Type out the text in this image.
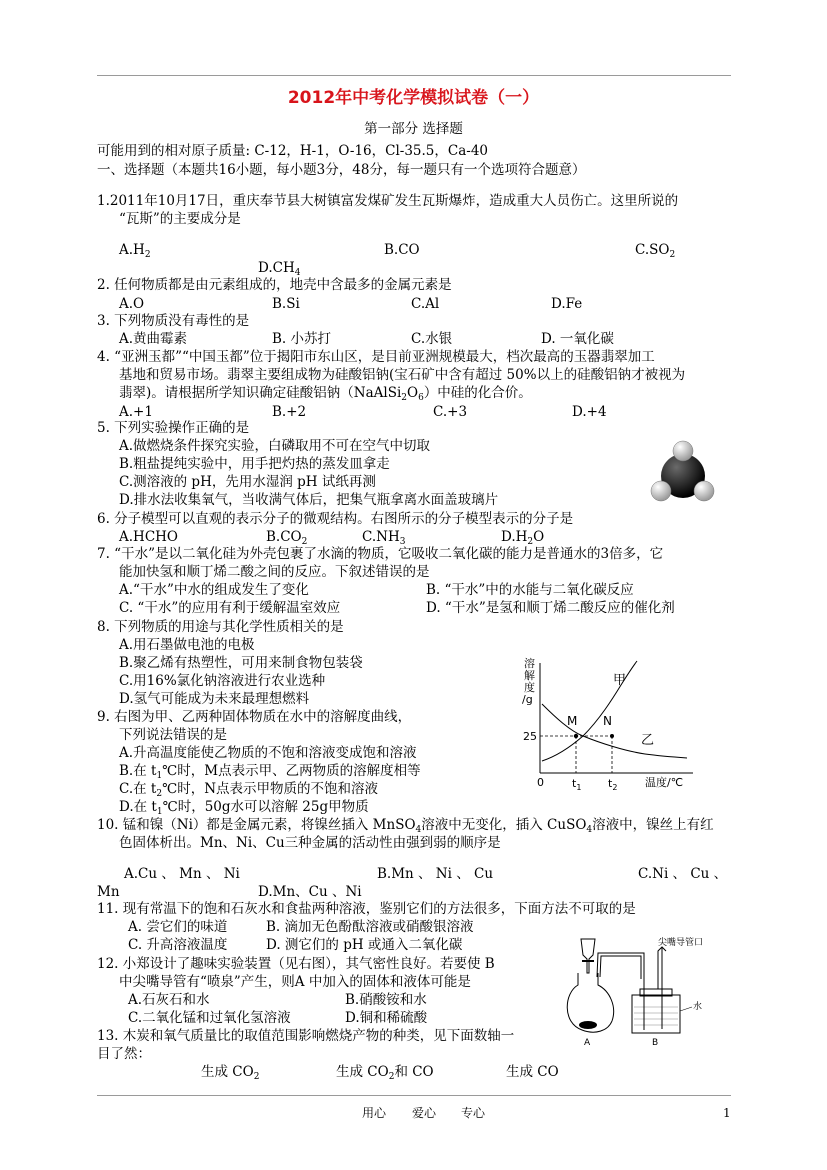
2012年中考化学模拟试卷（一）
第一部分 选择题
可能用到的相对原子质量: C-12，H-1，O-16，Cl-35.5，Ca-40
一、选择题（本题共16小题，每小题3分，48分，每一题只有一个选项符合题意）
1.2011年10月17日，重庆奉节县大树镇富发煤矿发生瓦斯爆炸，造成重大人员伤亡。这里所说的
“瓦斯”的主要成分是
$A.H_2$	B.CO	$C.SO_2$
$D.CH_4$
2. 任何物质都是由元素组成的，地壳中含最多的金属元素是
A.O	B.Si	C.Al	D.Fe
3. 下列物质没有毒性的是
A.黄曲霉素	B. 小苏打	C.水银	D. 一氧化碳
4. “亚洲玉都”“中国玉都”位于揭阳市东山区，是目前亚洲规模最大，档次最高的玉器翡翠加工
基地和贸易市场。翡翠主要组成物为硅酸铝钠(宝石矿中含有超过 50%以上的硅酸铝钠才被视为
翡翠)。请根据所学知识确定硅酸铝钠$(NaAlSi_2O_6)$中硅的化合价。
A.+1	B.+2	C.+3	D.+4
5. 下列实验操作正确的是
A.做燃烧条件探究实验，白磷取用不可在空气中切取
B.粗盐提纯实验中，用手把灼热的蒸发皿拿走
C.测溶液的 pH，先用水湿润 pH 试纸再测
D.排水法收集氧气，当收满气体后，把集气瓶拿离水面盖玻璃片
6. 分子模型可以直观的表示分子的微观结构。右图所示的分子模型表示的分子是
A.HCHO	$B.CO_2$	$C.NH_3$	$D.H_2O$
7. “干水”是以二氧化硅为外壳包裹了水滴的物质，它吸收二氧化碳的能力是普通水的3倍多，它
能加快氢和顺丁烯二酸之间的反应。下叙述错误的是
A.“干水”中水的组成发生了变化	B. “干水”中的水能与二氧化碳反应
C. “干水”的应用有利于缓解温室效应	D. “干水”是氢和顺丁烯二酸反应的催化剂
8. 下列物质的用途与其化学性质相关的是
A.用石墨做电池的电极
B.聚乙烯有热塑性，可用来制食物包装袋
C.用16%氯化钠溶液进行农业选种
D.氢气可能成为未来最理想燃料
9. 右图为甲、乙两种固体物质在水中的溶解度曲线，
下列说法错误的是
A.升高温度能使乙物质的不饱和溶液变成饱和溶液
B.在 $t_1℃$时，M点表示甲、乙两物质的溶解度相等
C.在 $t_2℃$时，N点表示甲物质的不饱和溶液
D.在 $t_1℃$时，50g水可以溶解 25g甲物质
溶
解
度
/g
甲
乙
M N
25
0	$t_1$ $t_2$	温度/℃
10. 锰和镍（Ni）都是金属元素，将镍丝插入 MnSO$_4$溶液中无变化，插入 CuSO$_4$溶液中，镍丝上有红
色固体析出。Mn、Ni、Cu三种金属的活动性由强到弱的顺序是
A.Cu 、 Mn 、 Ni	B.Mn 、 Ni 、 Cu	C.Ni 、 Cu 、
Mn	D.Mn、Cu 、Ni
11. 现有常温下的饱和石灰水和食盐两种溶液，鉴别它们的方法很多，下面方法不可取的是
A. 尝它们的味道	B. 滴加无色酚酞溶液或硝酸银溶液
C. 升高溶液温度	D. 测它们的 pH 或通入二氧化碳
12. 小郑设计了趣味实验装置（见右图），其气密性良好。若要使 B
中尖嘴导管有“喷泉”产生，则A 中加入的固体和液体可能是
A.石灰石和水	B.硝酸铵和水
C.二氧化锰和过氧化氢溶液	D.铜和稀硫酸
尖嘴导管口
水
A	B
13. 木炭和氧气质量比的取值范围影响燃烧产物的种类，见下面数轴一
目了然：
生成 $CO_2$	生成 $CO_2$和 CO	生成 CO
用心 爱心 专心	1
